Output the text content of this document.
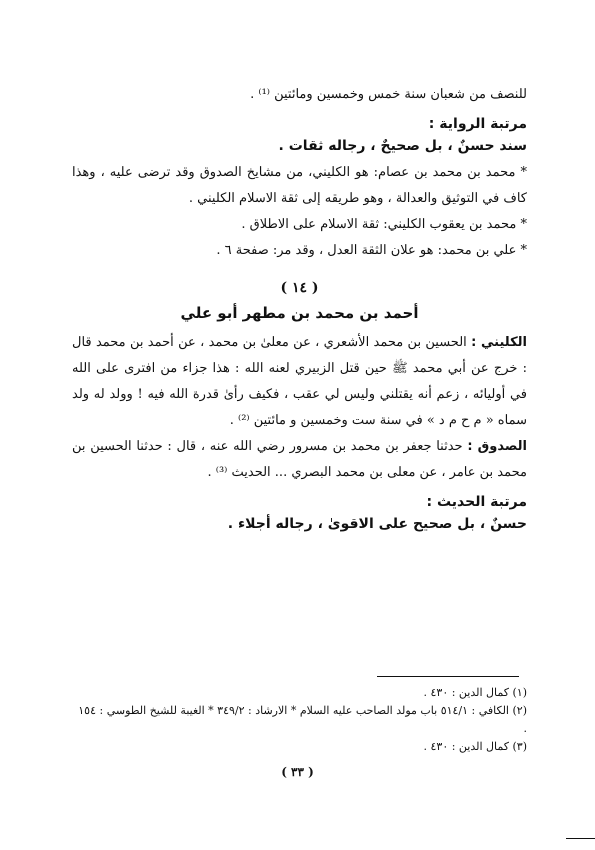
للنصف من شعبان سنة خمس وخمسين ومائتين ⁽¹⁾ .

مرتبة الرواية :
سند حسنٌ ، بل صحيحٌ ، رجاله ثقات .

* محمد بن محمد بن عصام: هو الكليني، من مشايخ الصدوق وقد ترضى عليه ، وهذا كاف في التوثيق والعدالة ، وهو طريقه إلى ثقة الاسلام الكليني .

* محمد بن يعقوب الكليني: ثقة الاسلام على الاطلاق .

* علي بن محمد: هو علان الثقة العدل ، وقد مر: صفحة ٦ .

( ١٤ )
أحمد بن محمد بن مطهر أبو علي

الكليني : الحسين بن محمد الأشعري ، عن معلىٰ بن محمد ، عن أحمد بن محمد قال : خرج عن أبي محمد ﷺ حين قتل الزبيري لعنه الله : هذا جزاء من افترى على الله في أوليائه ، زعم أنه يقتلني وليس لي عقب ، فكيف رأىٰ قدرة الله فيه ! وولد له ولد سماه « م ح م د » في سنة ست وخمسين و مائتين ⁽²⁾ .

الصدوق : حدثنا جعفر بن محمد بن مسرور رضي الله عنه ، قال : حدثنا الحسين بن محمد بن عامر ، عن معلى بن محمد البصري ... الحديث ⁽³⁾ .

مرتبة الحديث :
حسنٌ ، بل صحيح على الاقوىٰ ، رجاله أجلاء .

(١) كمال الدين : ٤٣٠ .

(٢) الكافي : ٥١٤/١ باب مولد الصاحب عليه السلام * الارشاد : ٣٤٩/٢ * الغيبة للشيخ الطوسي : ١٥٤ .

(٣) كمال الدين : ٤٣٠ .

( ٣٣ )
